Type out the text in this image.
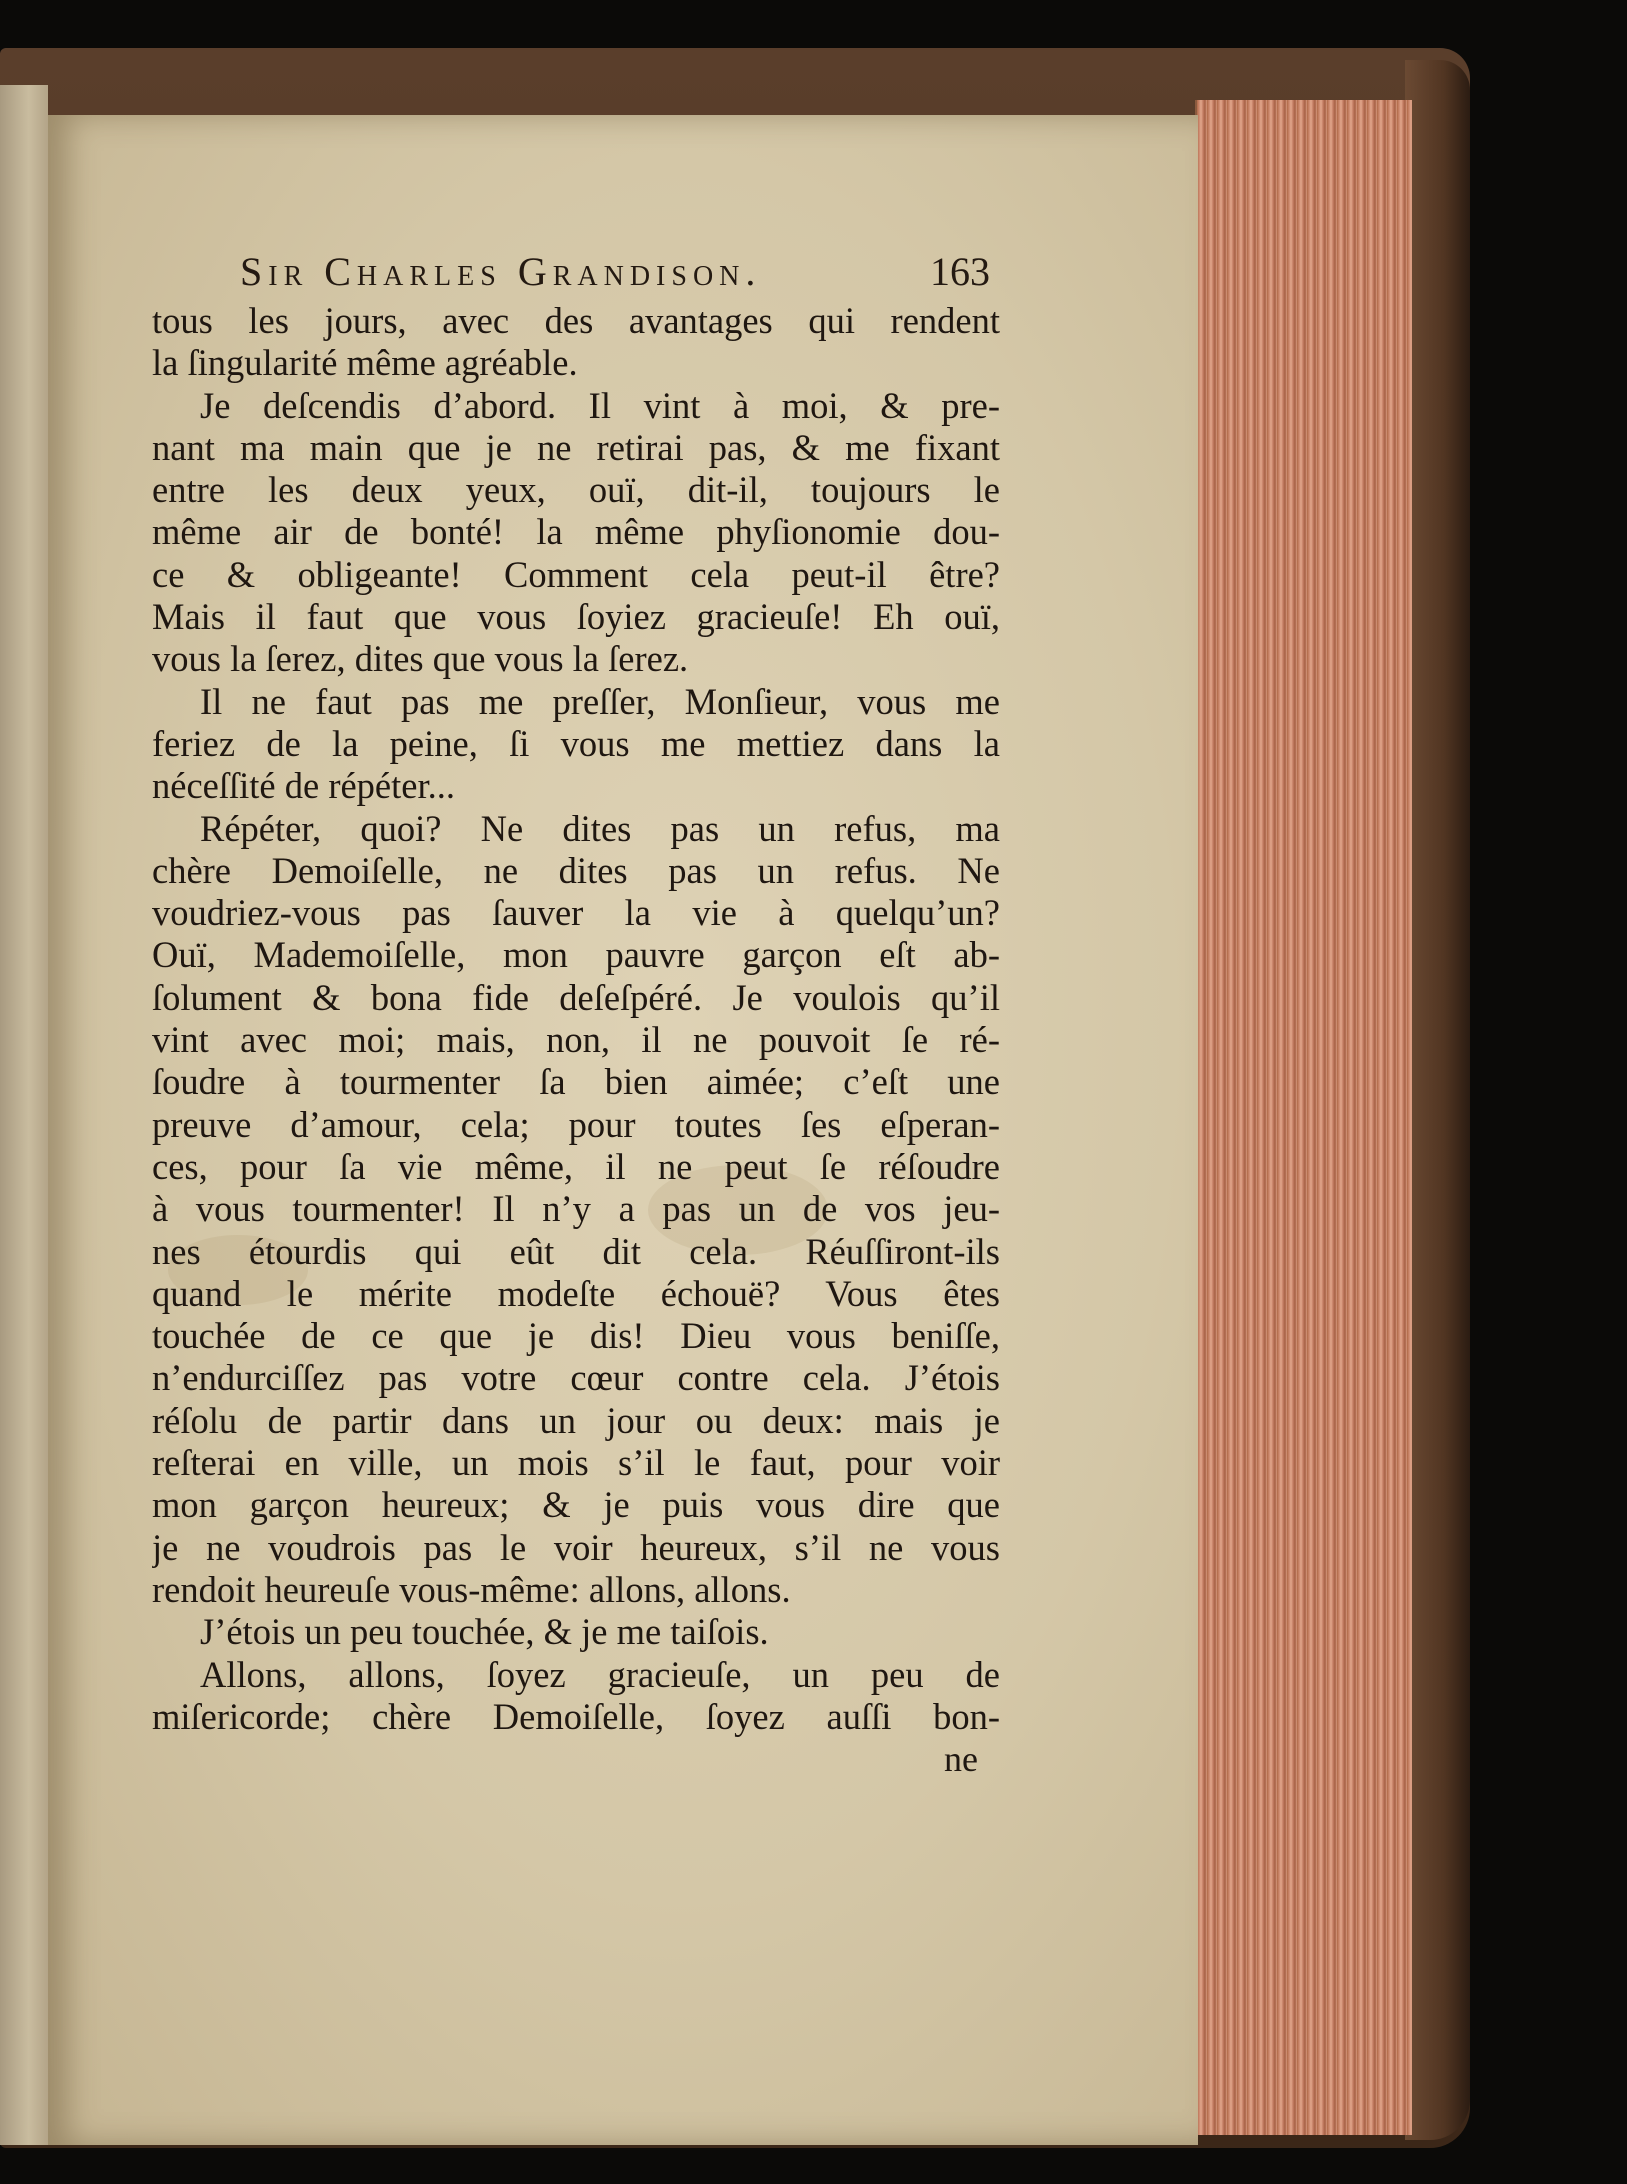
Sir Charles Grandison.	163
tous les jours, avec des avantages qui rendent
la ſingularité même agréable.
Je deſcendis d’abord. Il vint à moi, & pre-
nant ma main que je ne retirai pas, & me fixant
entre les deux yeux, ouï, dit-il, toujours le
même air de bonté! la même phyſionomie dou-
ce & obligeante! Comment cela peut-il être?
Mais il faut que vous ſoyiez gracieuſe! Eh ouï,
vous la ſerez, dites que vous la ſerez.
Il ne faut pas me preſſer, Monſieur, vous me
feriez de la peine, ſi vous me mettiez dans la
néceſſité de répéter...
Répéter, quoi? Ne dites pas un refus, ma
chère Demoiſelle, ne dites pas un refus. Ne
voudriez-vous pas ſauver la vie à quelqu’un?
Ouï, Mademoiſelle, mon pauvre garçon eſt ab-
ſolument & bona fide deſeſpéré. Je voulois qu’il
vint avec moi; mais, non, il ne pouvoit ſe ré-
ſoudre à tourmenter ſa bien aimée; c’eſt une
preuve d’amour, cela; pour toutes ſes eſperan-
ces, pour ſa vie même, il ne peut ſe réſoudre
à vous tourmenter! Il n’y a pas un de vos jeu-
nes étourdis qui eût dit cela. Réuſſiront-ils
quand le mérite modeſte échouë? Vous êtes
touchée de ce que je dis! Dieu vous beniſſe,
n’endurciſſez pas votre cœur contre cela. J’étois
réſolu de partir dans un jour ou deux: mais je
reſterai en ville, un mois s’il le faut, pour voir
mon garçon heureux; & je puis vous dire que
je ne voudrois pas le voir heureux, s’il ne vous
rendoit heureuſe vous-même: allons, allons.
J’étois un peu touchée, & je me taiſois.
Allons, allons, ſoyez gracieuſe, un peu de
miſericorde; chère Demoiſelle, ſoyez auſſi bon-
ne
